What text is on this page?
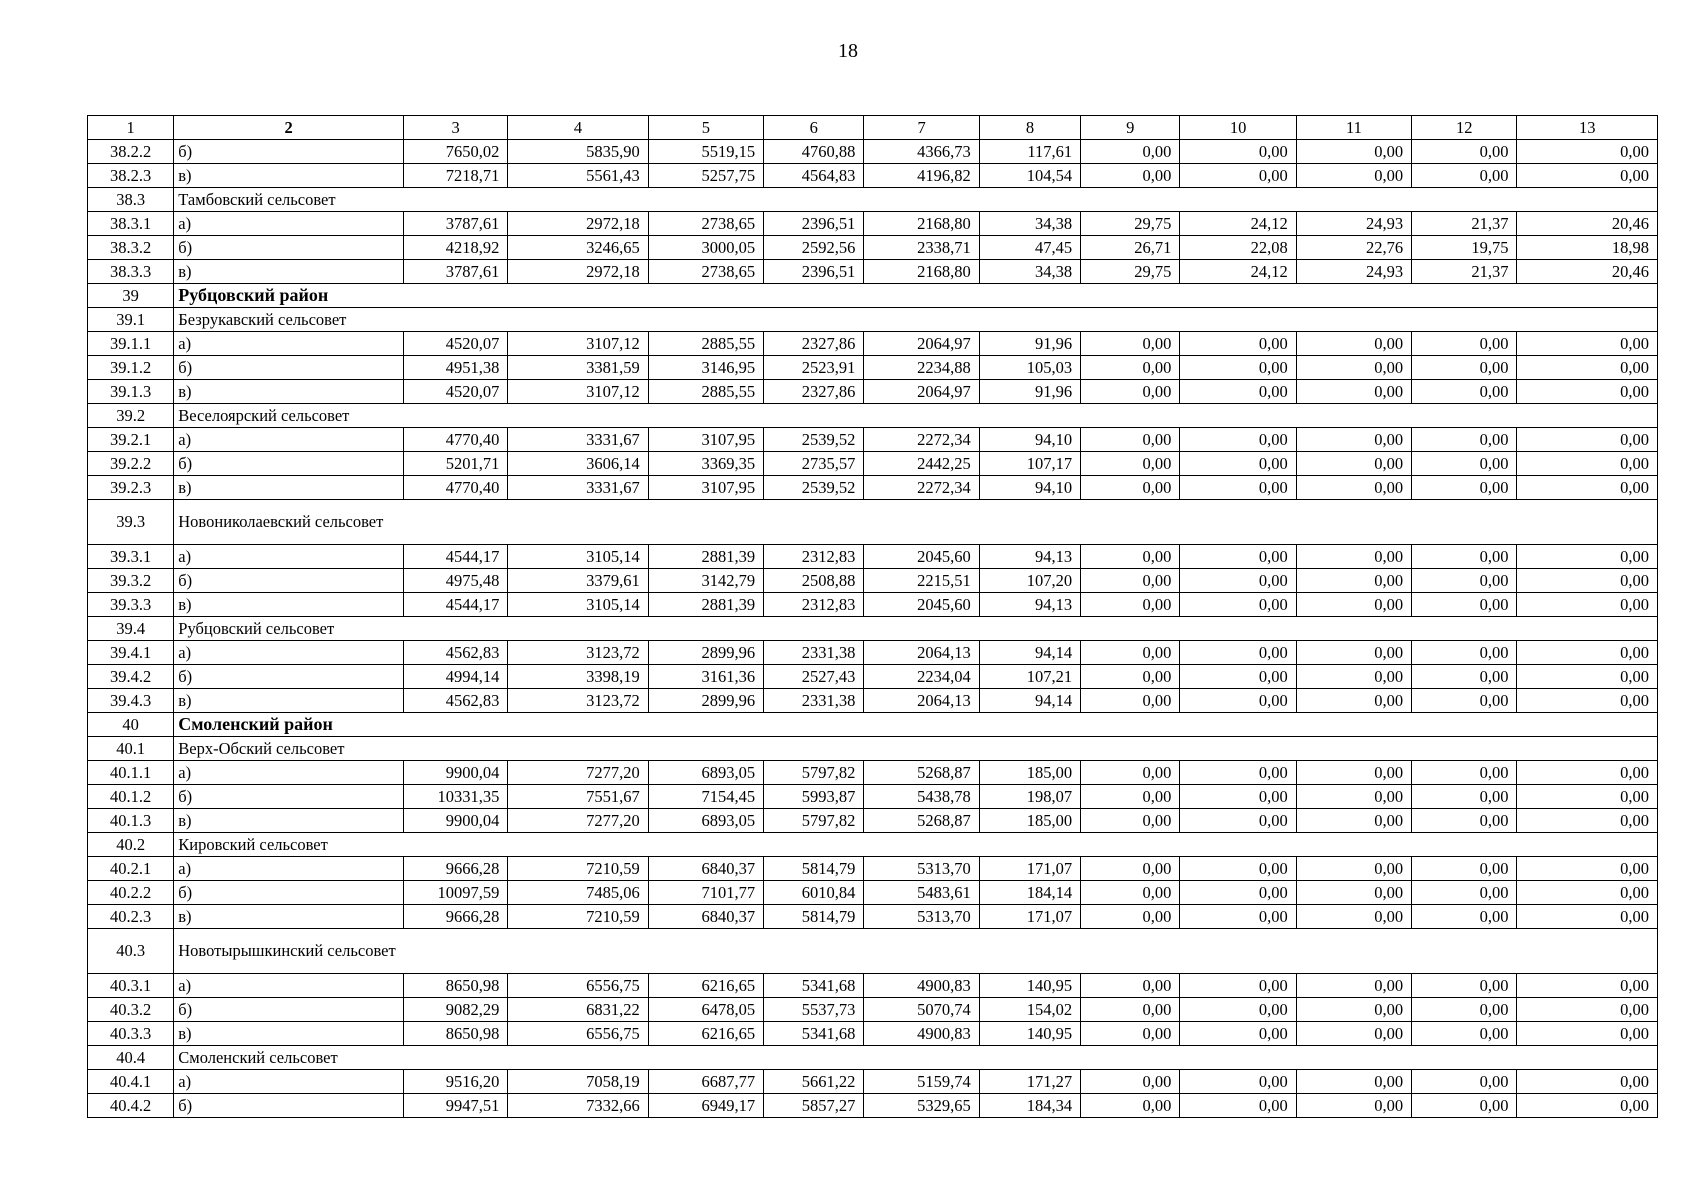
18
1	2	3	4	5	6	7	8	9	10	11	12	13
38.2.2	б)	7650,02	5835,90	5519,15	4760,88	4366,73	117,61	0,00	0,00	0,00	0,00	0,00
38.2.3	в)	7218,71	5561,43	5257,75	4564,83	4196,82	104,54	0,00	0,00	0,00	0,00	0,00
38.3	Тамбовский сельсовет											
38.3.1	а)	3787,61	2972,18	2738,65	2396,51	2168,80	34,38	29,75	24,12	24,93	21,37	20,46
38.3.2	б)	4218,92	3246,65	3000,05	2592,56	2338,71	47,45	26,71	22,08	22,76	19,75	18,98
38.3.3	в)	3787,61	2972,18	2738,65	2396,51	2168,80	34,38	29,75	24,12	24,93	21,37	20,46
39	Рубцовский район											
39.1	Безрукавский сельсовет											
39.1.1	а)	4520,07	3107,12	2885,55	2327,86	2064,97	91,96	0,00	0,00	0,00	0,00	0,00
39.1.2	б)	4951,38	3381,59	3146,95	2523,91	2234,88	105,03	0,00	0,00	0,00	0,00	0,00
39.1.3	в)	4520,07	3107,12	2885,55	2327,86	2064,97	91,96	0,00	0,00	0,00	0,00	0,00
39.2	Веселоярский сельсовет											
39.2.1	а)	4770,40	3331,67	3107,95	2539,52	2272,34	94,10	0,00	0,00	0,00	0,00	0,00
39.2.2	б)	5201,71	3606,14	3369,35	2735,57	2442,25	107,17	0,00	0,00	0,00	0,00	0,00
39.2.3	в)	4770,40	3331,67	3107,95	2539,52	2272,34	94,10	0,00	0,00	0,00	0,00	0,00
39.3	Новониколаевский сельсовет											
39.3.1	а)	4544,17	3105,14	2881,39	2312,83	2045,60	94,13	0,00	0,00	0,00	0,00	0,00
39.3.2	б)	4975,48	3379,61	3142,79	2508,88	2215,51	107,20	0,00	0,00	0,00	0,00	0,00
39.3.3	в)	4544,17	3105,14	2881,39	2312,83	2045,60	94,13	0,00	0,00	0,00	0,00	0,00
39.4	Рубцовский сельсовет											
39.4.1	а)	4562,83	3123,72	2899,96	2331,38	2064,13	94,14	0,00	0,00	0,00	0,00	0,00
39.4.2	б)	4994,14	3398,19	3161,36	2527,43	2234,04	107,21	0,00	0,00	0,00	0,00	0,00
39.4.3	в)	4562,83	3123,72	2899,96	2331,38	2064,13	94,14	0,00	0,00	0,00	0,00	0,00
40	Смоленский район											
40.1	Верх-Обский сельсовет											
40.1.1	а)	9900,04	7277,20	6893,05	5797,82	5268,87	185,00	0,00	0,00	0,00	0,00	0,00
40.1.2	б)	10331,35	7551,67	7154,45	5993,87	5438,78	198,07	0,00	0,00	0,00	0,00	0,00
40.1.3	в)	9900,04	7277,20	6893,05	5797,82	5268,87	185,00	0,00	0,00	0,00	0,00	0,00
40.2	Кировский сельсовет											
40.2.1	а)	9666,28	7210,59	6840,37	5814,79	5313,70	171,07	0,00	0,00	0,00	0,00	0,00
40.2.2	б)	10097,59	7485,06	7101,77	6010,84	5483,61	184,14	0,00	0,00	0,00	0,00	0,00
40.2.3	в)	9666,28	7210,59	6840,37	5814,79	5313,70	171,07	0,00	0,00	0,00	0,00	0,00
40.3	Новотырышкинский сельсовет											
40.3.1	а)	8650,98	6556,75	6216,65	5341,68	4900,83	140,95	0,00	0,00	0,00	0,00	0,00
40.3.2	б)	9082,29	6831,22	6478,05	5537,73	5070,74	154,02	0,00	0,00	0,00	0,00	0,00
40.3.3	в)	8650,98	6556,75	6216,65	5341,68	4900,83	140,95	0,00	0,00	0,00	0,00	0,00
40.4	Смоленский сельсовет											
40.4.1	а)	9516,20	7058,19	6687,77	5661,22	5159,74	171,27	0,00	0,00	0,00	0,00	0,00
40.4.2	б)	9947,51	7332,66	6949,17	5857,27	5329,65	184,34	0,00	0,00	0,00	0,00	0,00
